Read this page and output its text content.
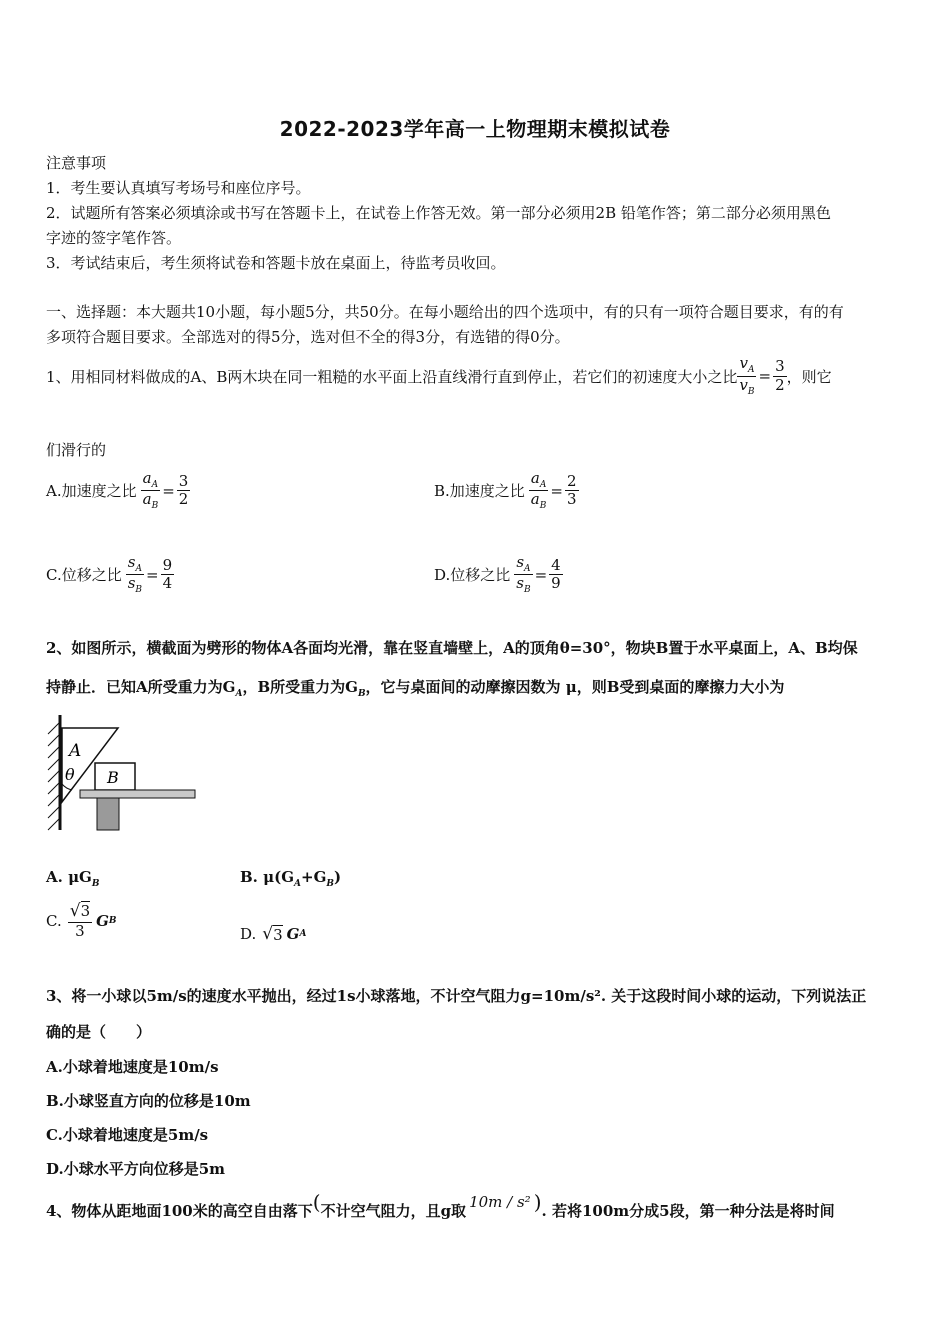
2022-2023学年高一上物理期末模拟试卷
注意事项
1．考生要认真填写考场号和座位序号。
2．试题所有答案必须填涂或书写在答题卡上，在试卷上作答无效。第一部分必须用2B 铅笔作答；第二部分必须用黑色
字迹的签字笔作答。
3．考试结束后，考生须将试卷和答题卡放在桌面上，待监考员收回。
一、选择题：本大题共10小题，每小题5分，共50分。在每小题给出的四个选项中，有的只有一项符合题目要求，有的有
多项符合题目要求。全部选对的得5分，选对但不全的得3分，有选错的得0分。
1、用相同材料做成的A、B两木块在同一粗糙的水平面上沿直线滑行直到停止，若它们的初速度大小之比 $\frac{v_A}{v_B} = \frac{3}{2}$ ，则它
们滑行的
A.加速度之比 $\frac{a_A}{a_B} = \frac{3}{2}$	B.加速度之比 $\frac{a_A}{a_B} = \frac{2}{3}$
C.位移之比 $\frac{s_A}{s_B} = \frac{9}{4}$	D.位移之比 $\frac{s_A}{s_B} = \frac{4}{9}$
2、如图所示，横截面为劈形的物体A各面均光滑，靠在竖直墙壁上，A的顶角θ=30°，物块B置于水平桌面上，A、B均保
持静止．已知A所受重力为$G_A$，B所受重力为$G_B$，它与桌面间的动摩擦因数为 μ，则B受到桌面的摩擦力大小为
A
θ B
A. $\mu G_B$	B. $\mu(G_A+G_B)$
C. $\frac{√3}{3}$ G B
D. √ 3 G A
3、将一小球以5m/s的速度水平抛出，经过1s小球落地，不计空气阻力g=10m/s². 关于这段时间小球的运动，下列说法正
确的是（　　）
A.小球着地速度是10m/s
B.小球竖直方向的位移是10m
C.小球着地速度是5m/s
D.小球水平方向位移是5m
4、物体从距地面100米的高空自由落下 ( 不计空气阻力，且g取 10m / s² ) . 若将100m分成5段，第一种分法是将时间
